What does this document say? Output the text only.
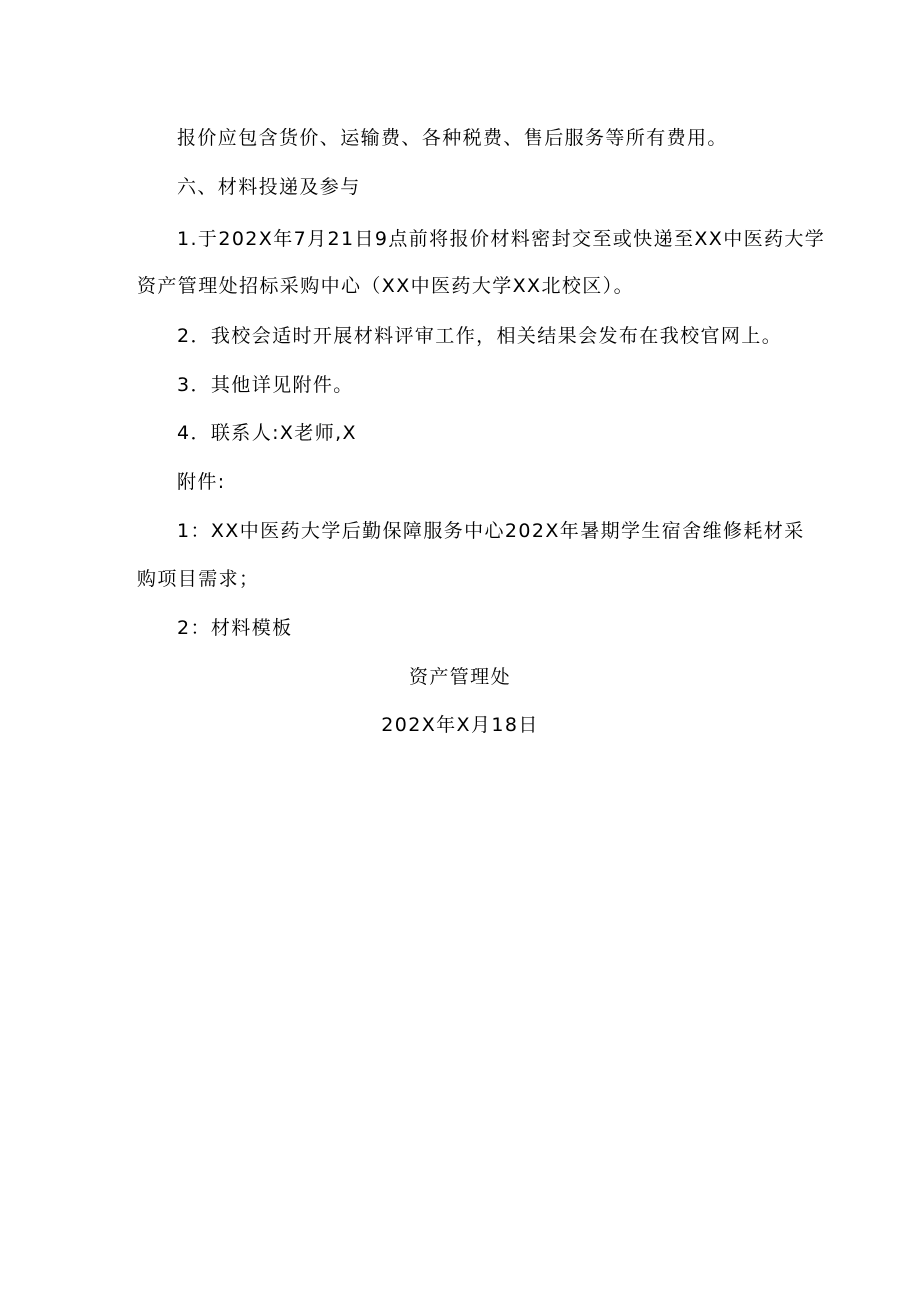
报价应包含货价、运输费、各种税费、售后服务等所有费用。
六、材料投递及参与
1.于202X年7月21日9点前将报价材料密封交至或快递至XX中医药大学
资产管理处招标采购中心（XX中医药大学XX北校区）。
2．我校会适时开展材料评审工作，相关结果会发布在我校官网上。
3．其他详见附件。
4．联系人:X老师,X
附件:
1：XX中医药大学后勤保障服务中心202X年暑期学生宿舍维修耗材采
购项目需求；
2：材料模板
资产管理处
202X年X月18日
